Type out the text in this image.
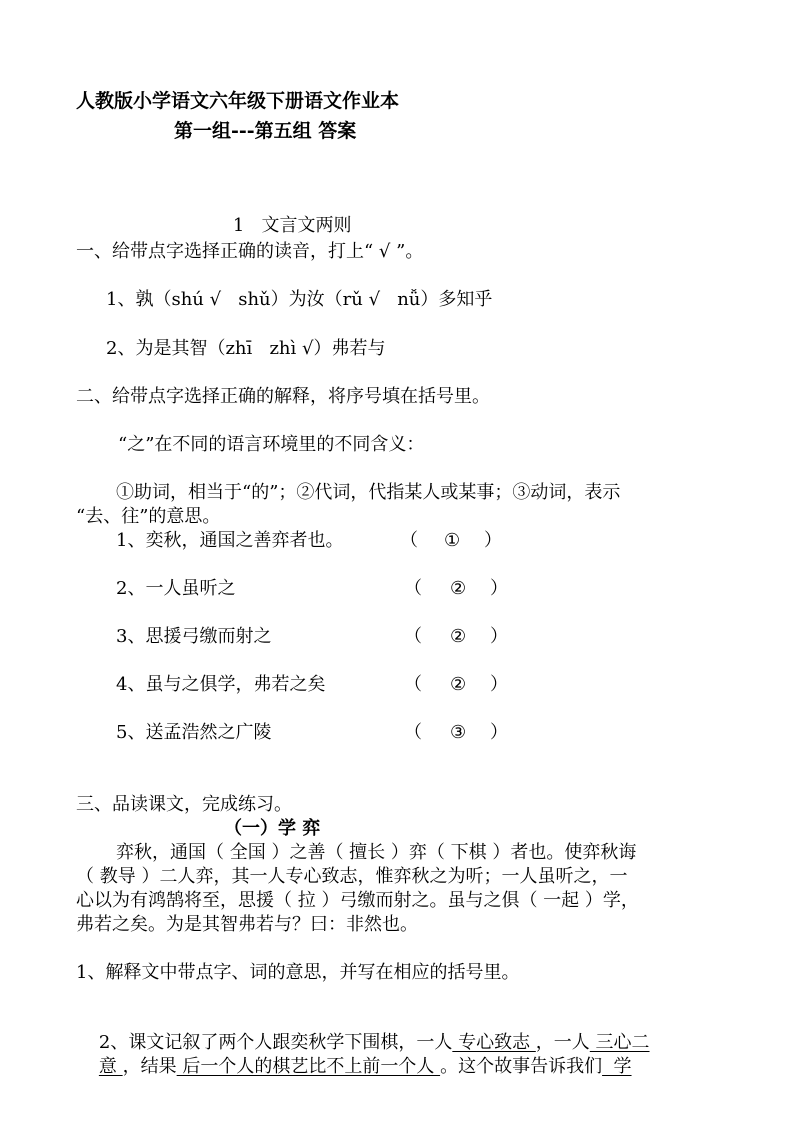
人教版小学语文六年级下册语文作业本
第一组---第五组 答案

1 文言文两则

一、给带点字选择正确的读音，打上“ √ ”。
1、孰（shú √   shǔ）为汝（rǔ √   nǚ）多知乎
2、为是其智（zhī   zhì √）弗若与
二、给带点字选择正确的解释，将序号填在括号里。
“之”在不同的语言环境里的不同含义：
①助词，相当于“的”；②代词，代指某人或某事；③动词，表示
“去、往”的意思。
1、奕秋，通国之善弈者也。	（ ① ）
2、一人虽听之	（ ② ）
3、思援弓缴而射之	（ ② ）
4、虽与之俱学，弗若之矣	（ ② ）
5、送孟浩然之广陵	（ ③ ）
三、品读课文，完成练习。
（一）学 弈
弈秋，通国（ 全国 ）之善（ 擅长 ）弈（ 下棋 ）者也。使弈秋诲
（ 教导 ）二人弈，其一人专心致志，惟弈秋之为听；一人虽听之，一
心以为有鸿鹄将至，思援（ 拉 ）弓缴而射之。虽与之俱（ 一起 ）学，
弗若之矣。为是其智弗若与？曰：非然也。
1、解释文中带点字、词的意思，并写在相应的括号里。

2、课文记叙了两个人跟奕秋学下围棋，一人 专心致志 ，一人 三心二

意 ，结果 后一个人的棋艺比不上前一个人 。这个故事告诉我们  学
